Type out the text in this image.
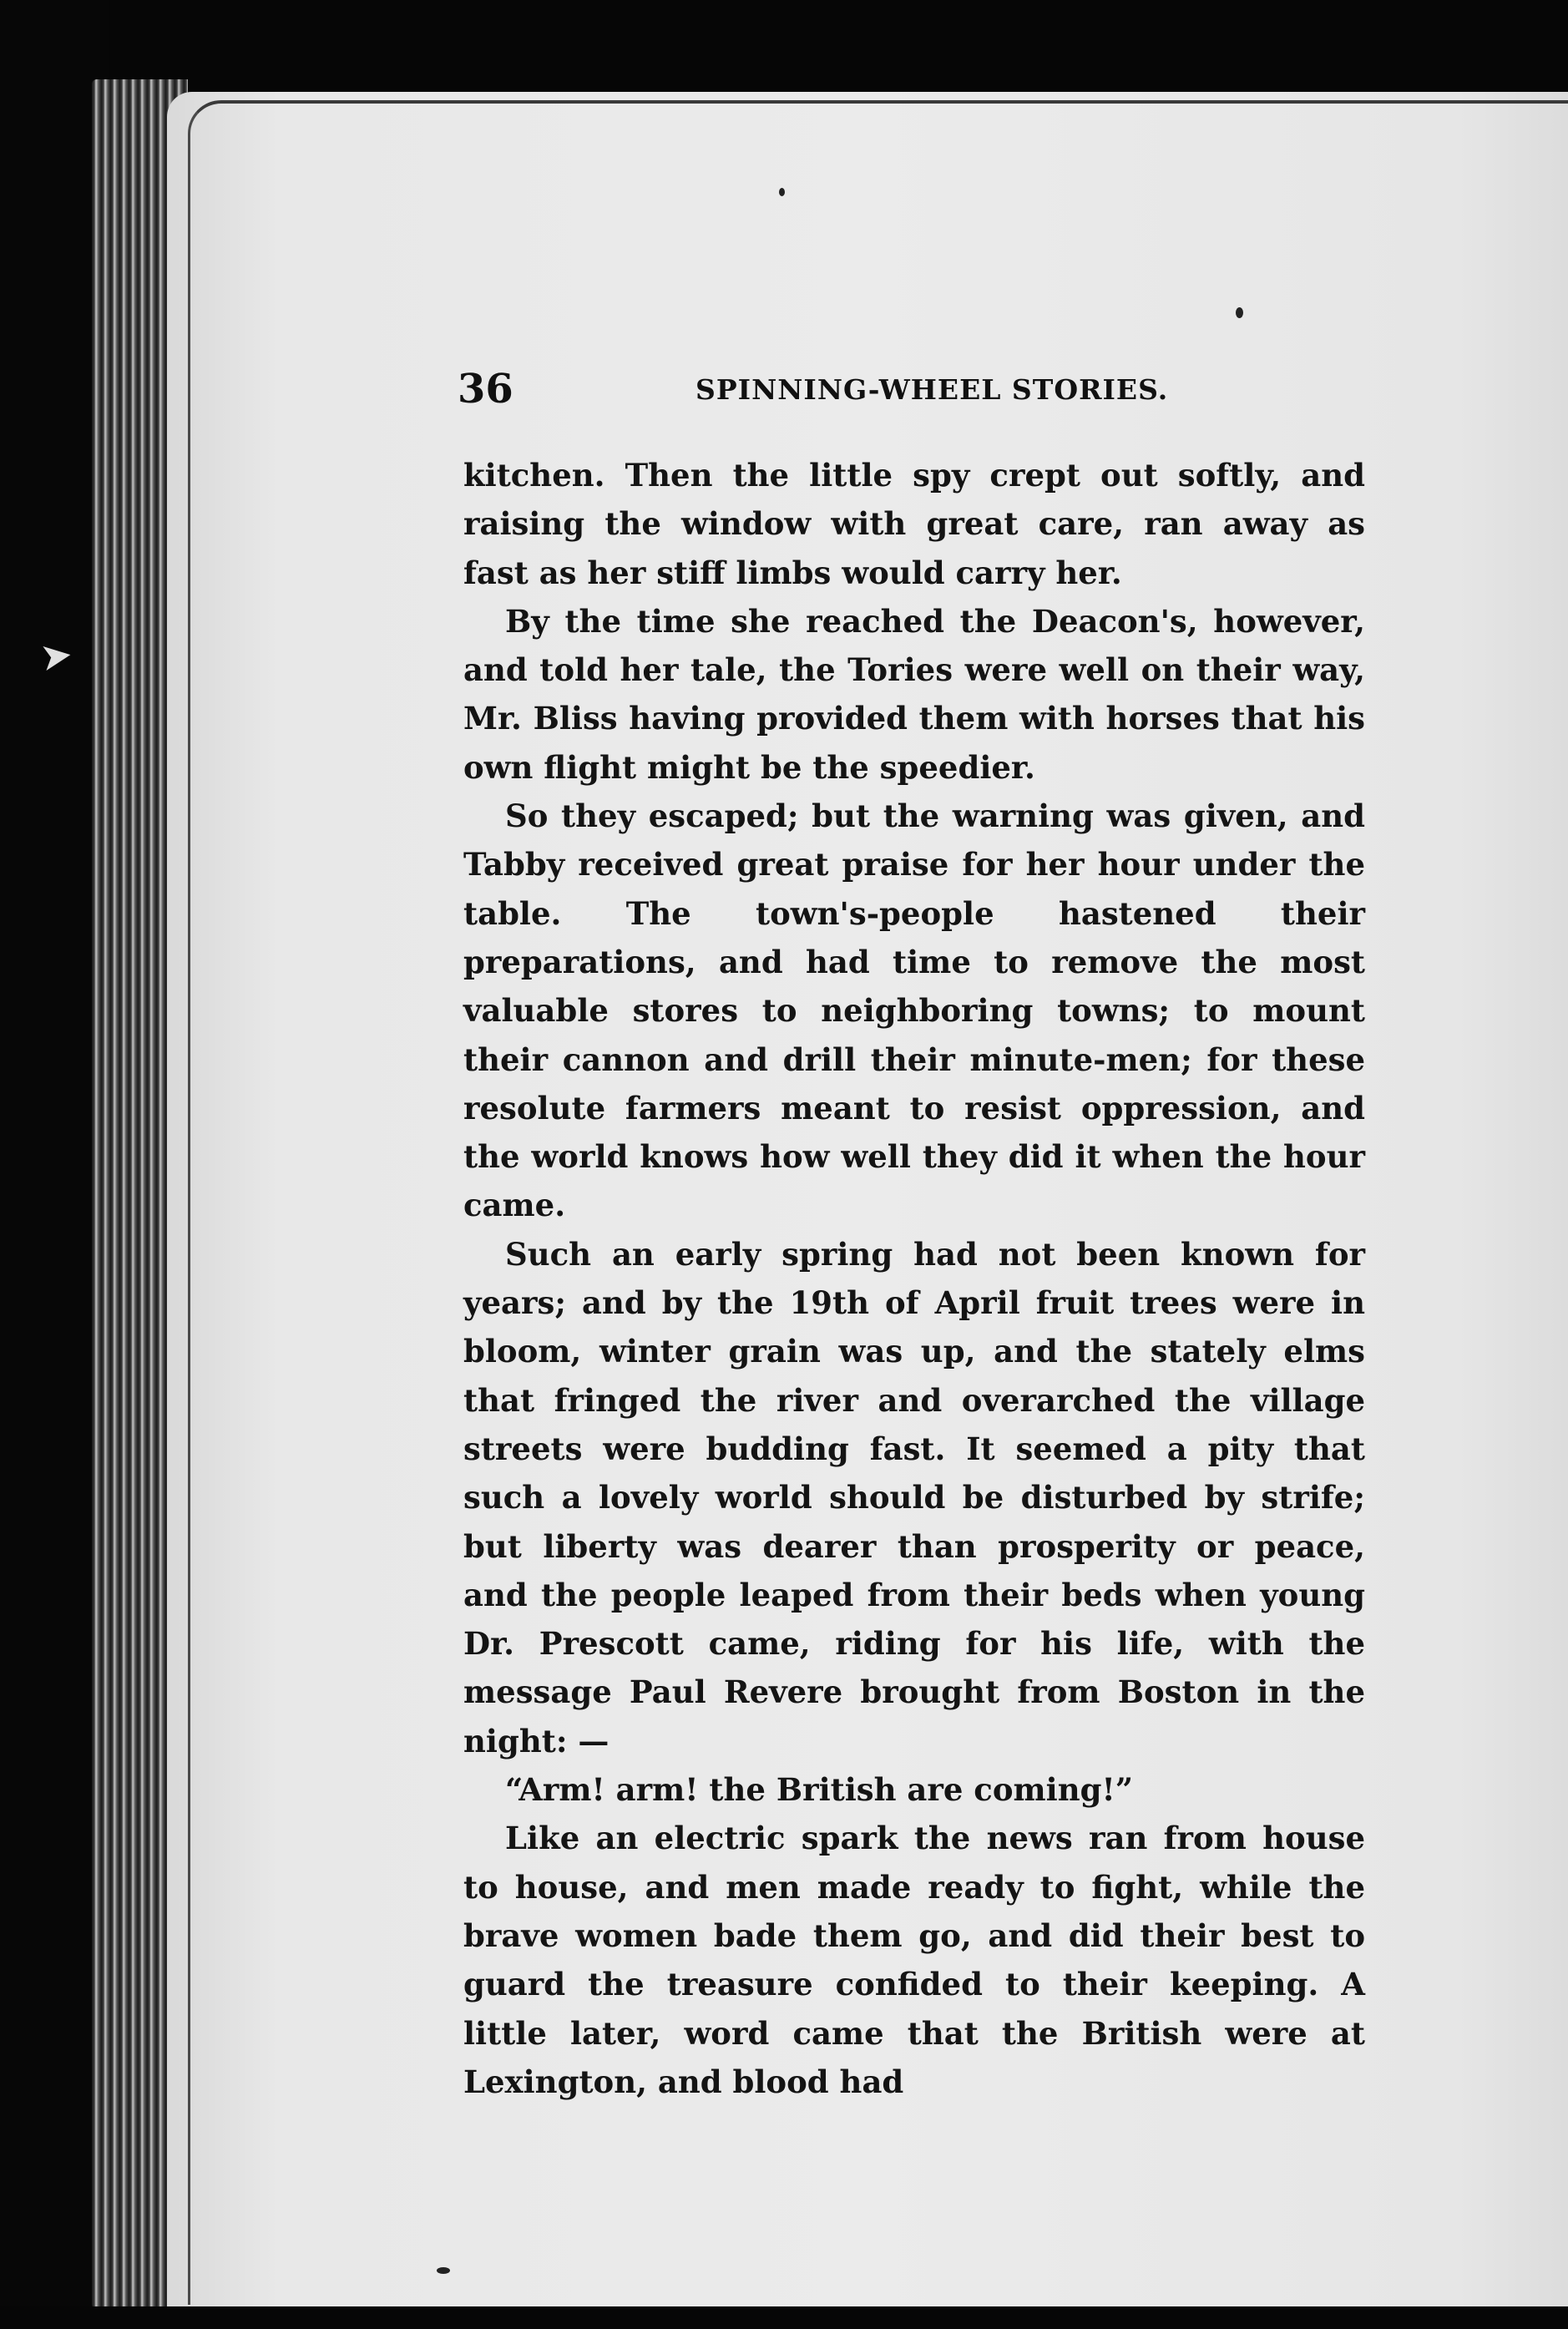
➤
36	SPINNING-WHEEL STORIES.

kitchen. Then the little spy crept out softly, and raising the window with great care, ran away as fast as her stiff limbs would carry her.

By the time she reached the Deacon's, however, and told her tale, the Tories were well on their way, Mr. Bliss having provided them with horses that his own flight might be the speedier.

So they escaped; but the warning was given, and Tabby received great praise for her hour under the table. The town's-people hastened their preparations, and had time to remove the most valuable stores to neighboring towns; to mount their cannon and drill their minute-men; for these resolute farmers meant to resist oppression, and the world knows how well they did it when the hour came.

Such an early spring had not been known for years; and by the 19th of April fruit trees were in bloom, winter grain was up, and the stately elms that fringed the river and overarched the village streets were budding fast. It seemed a pity that such a lovely world should be disturbed by strife; but liberty was dearer than prosperity or peace, and the people leaped from their beds when young Dr. Prescott came, riding for his life, with the message Paul Revere brought from Boston in the night: —

“Arm! arm! the British are coming!”

Like an electric spark the news ran from house to house, and men made ready to fight, while the brave women bade them go, and did their best to guard the treasure confided to their keeping. A little later, word came that the British were at Lexington, and blood had
